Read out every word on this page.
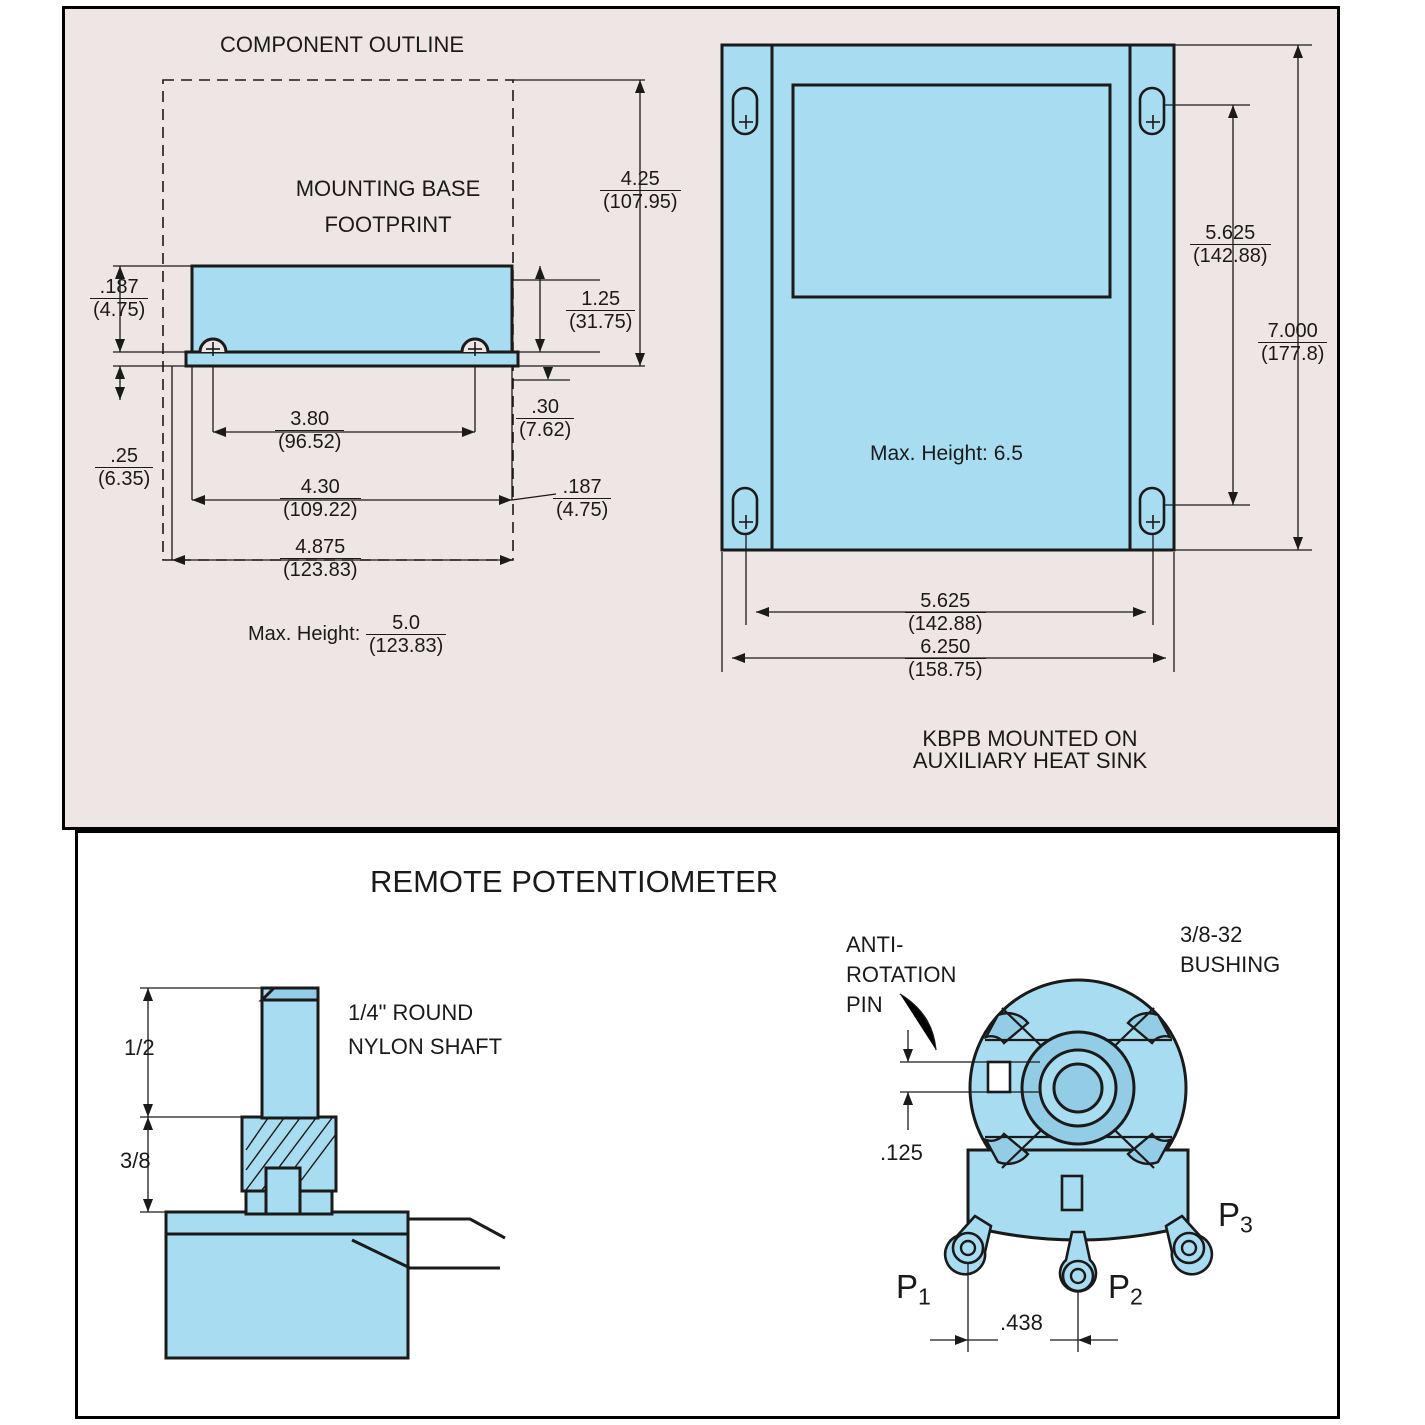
COMPONENT OUTLINE
MOUNTING BASE
FOOTPRINT
$\frac{.187}{(4.75)}$
$\frac{.25}{(6.35)}$
$\frac{3.80}{(96.52)}$
$\frac{4.30}{(109.22)}$
$\frac{4.875}{(123.83)}$
$\frac{.30}{(7.62)}$
$\frac{.187}{(4.75)}$
$\frac{1.25}{(31.75)}$
$\frac{4.25}{(107.95)}$
Max. Height: $\frac{5.0}{(123.83)}$
Max. Height: 6.5
$\frac{5.625}{(142.88)}$
$\frac{7.000}{(177.8)}$
$\frac{5.625}{(142.88)}$
$\frac{6.250}{(158.75)}$
KBPB MOUNTED ON
AUXILIARY HEAT SINK
REMOTE POTENTIOMETER
1/2
3/8
1/4" ROUND
NYLON SHAFT
ANTI-
ROTATION
PIN
3/8-32
BUSHING
.125
.438
$P_1$	$P_2$
$P_3$
